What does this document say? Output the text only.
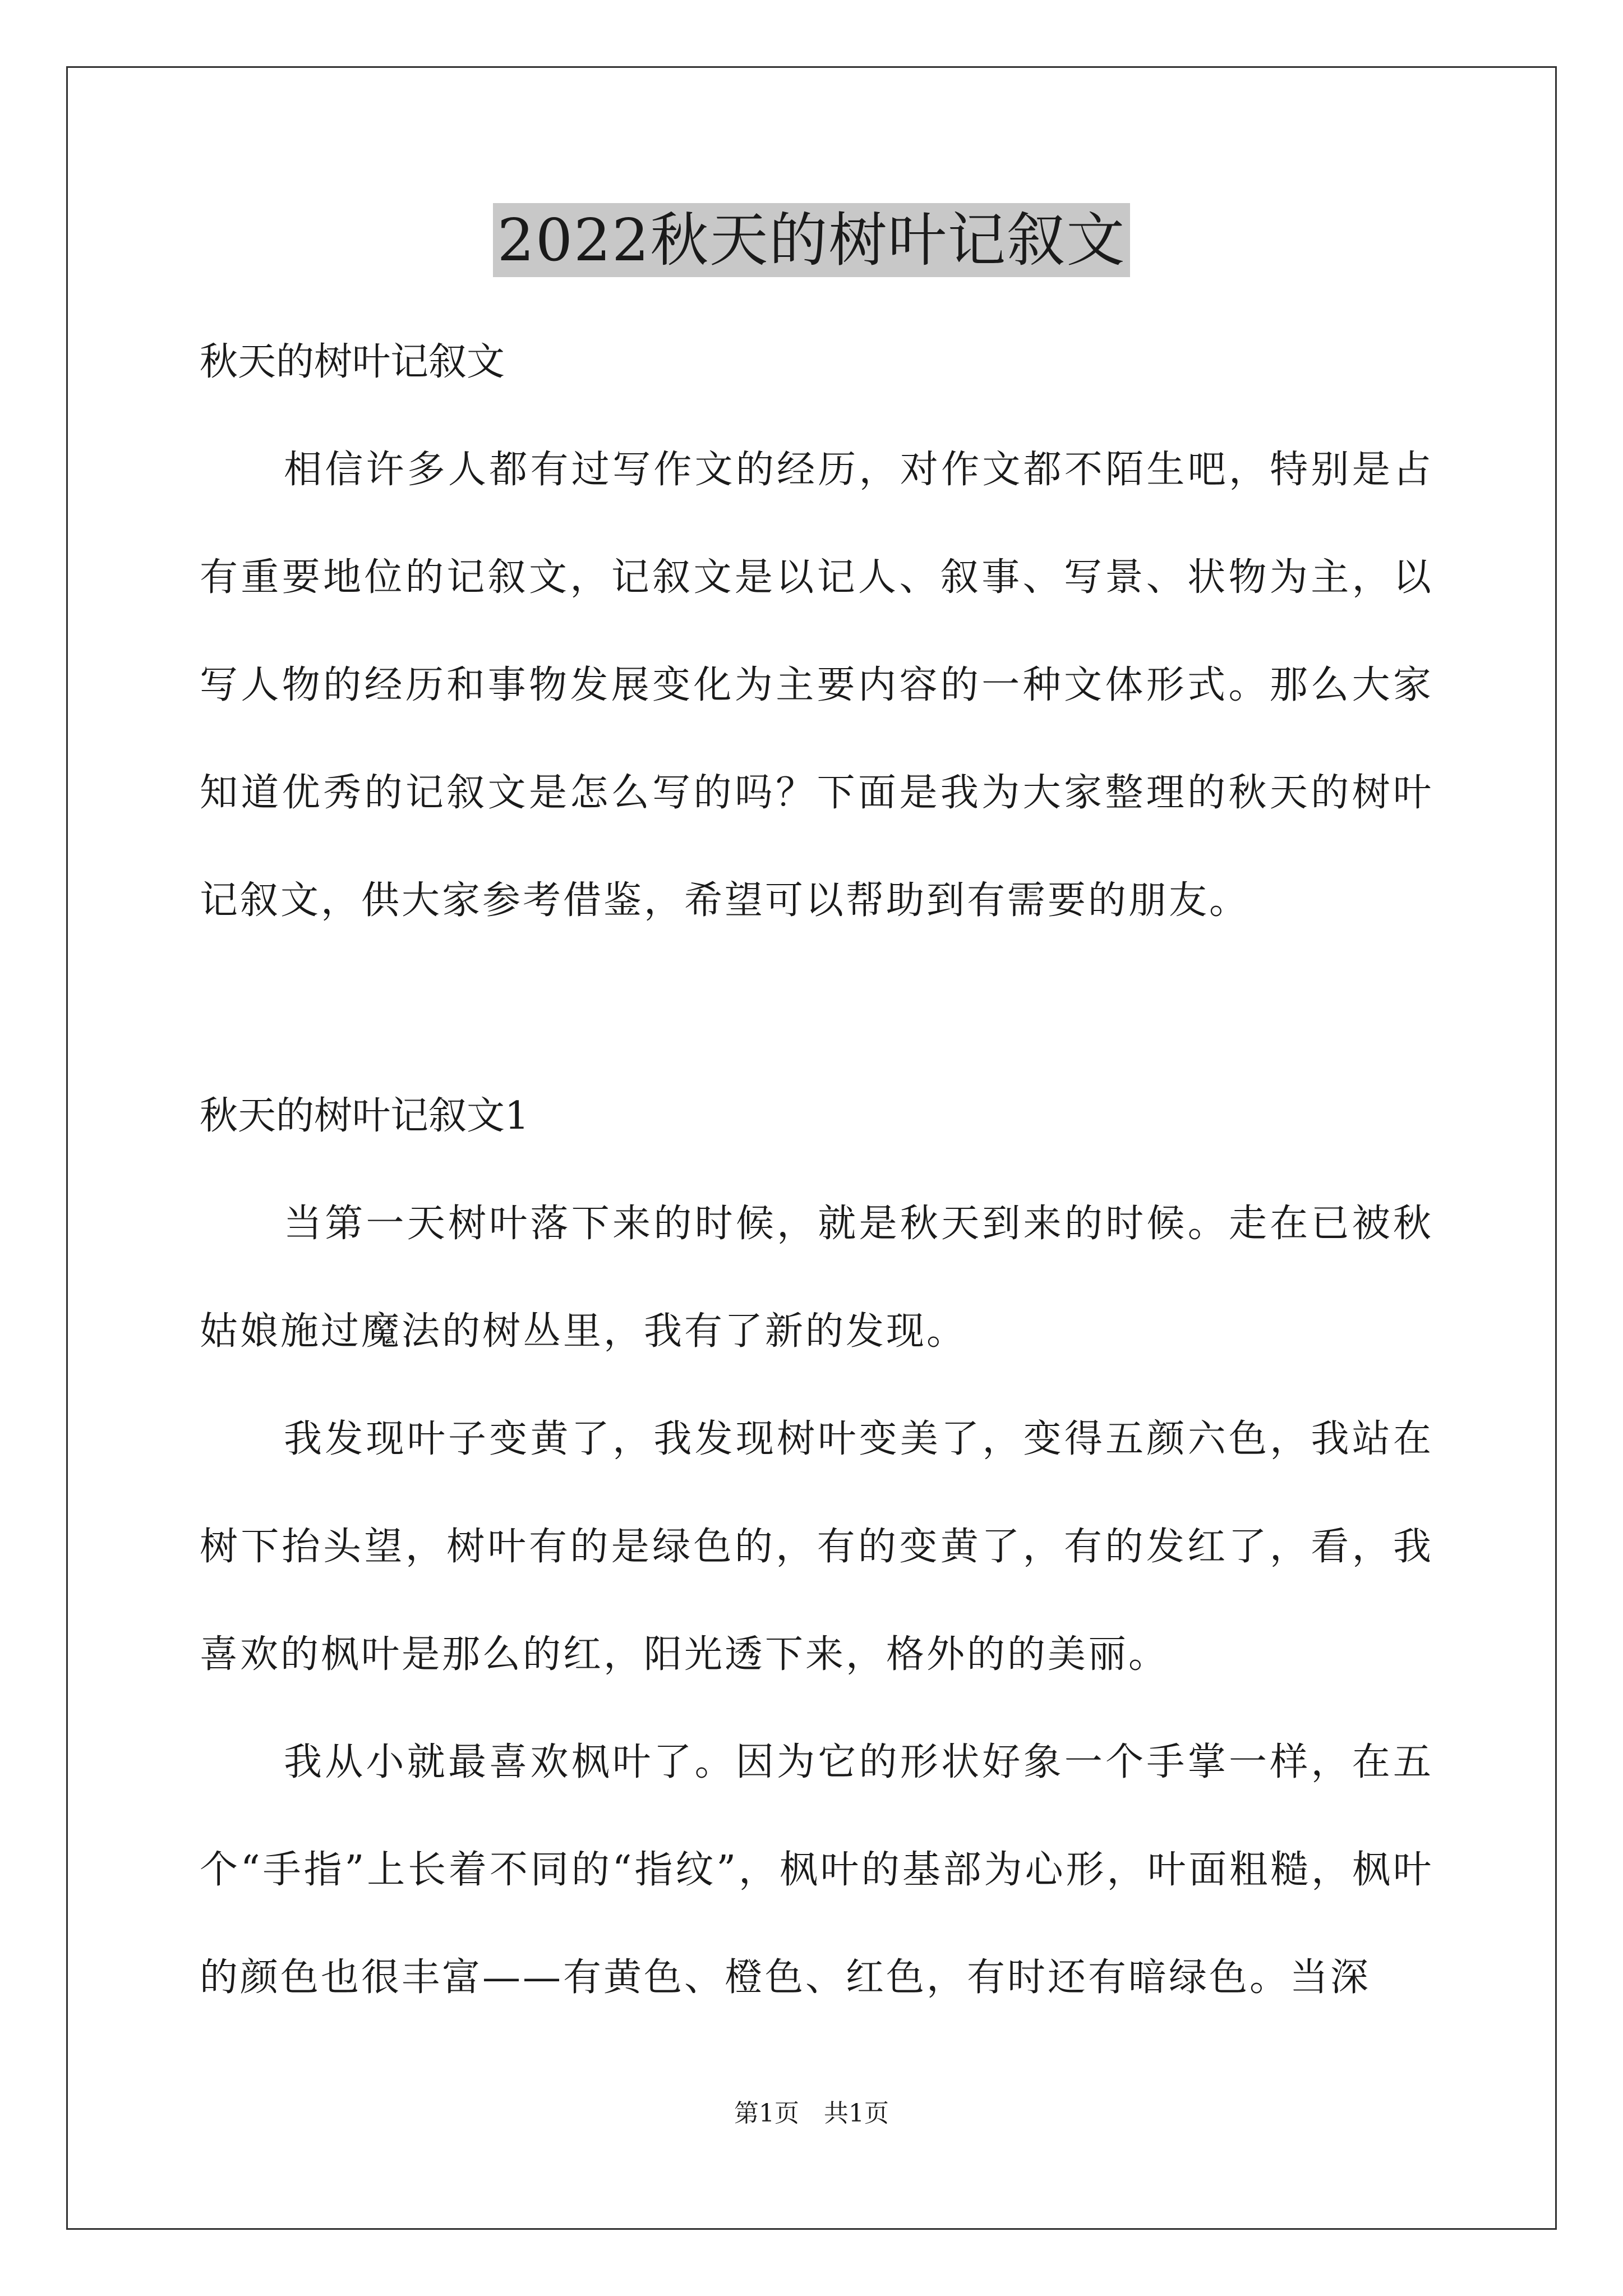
2022秋天的树叶记叙文

秋天的树叶记叙文

相信许多人都有过写作文的经历，对作文都不陌生吧，特别是占有重要地位的记叙文，记叙文是以记人、叙事、写景、状物为主，以写人物的经历和事物发展变化为主要内容的一种文体形式。那么大家知道优秀的记叙文是怎么写的吗？下面是我为大家整理的秋天的树叶记叙文，供大家参考借鉴，希望可以帮助到有需要的朋友。

秋天的树叶记叙文1

当第一天树叶落下来的时候，就是秋天到来的时候。走在已被秋姑娘施过魔法的树丛里，我有了新的发现。

我发现叶子变黄了，我发现树叶变美了，变得五颜六色，我站在树下抬头望，树叶有的是绿色的，有的变黄了，有的发红了，看，我喜欢的枫叶是那么的红，阳光透下来，格外的的美丽。

我从小就最喜欢枫叶了。因为它的形状好象一个手掌一样，在五个“手指”上长着不同的“指纹”，枫叶的基部为心形，叶面粗糙，枫叶的颜色也很丰富——有黄色、橙色、红色，有时还有暗绿色。当深

第1页　共1页
